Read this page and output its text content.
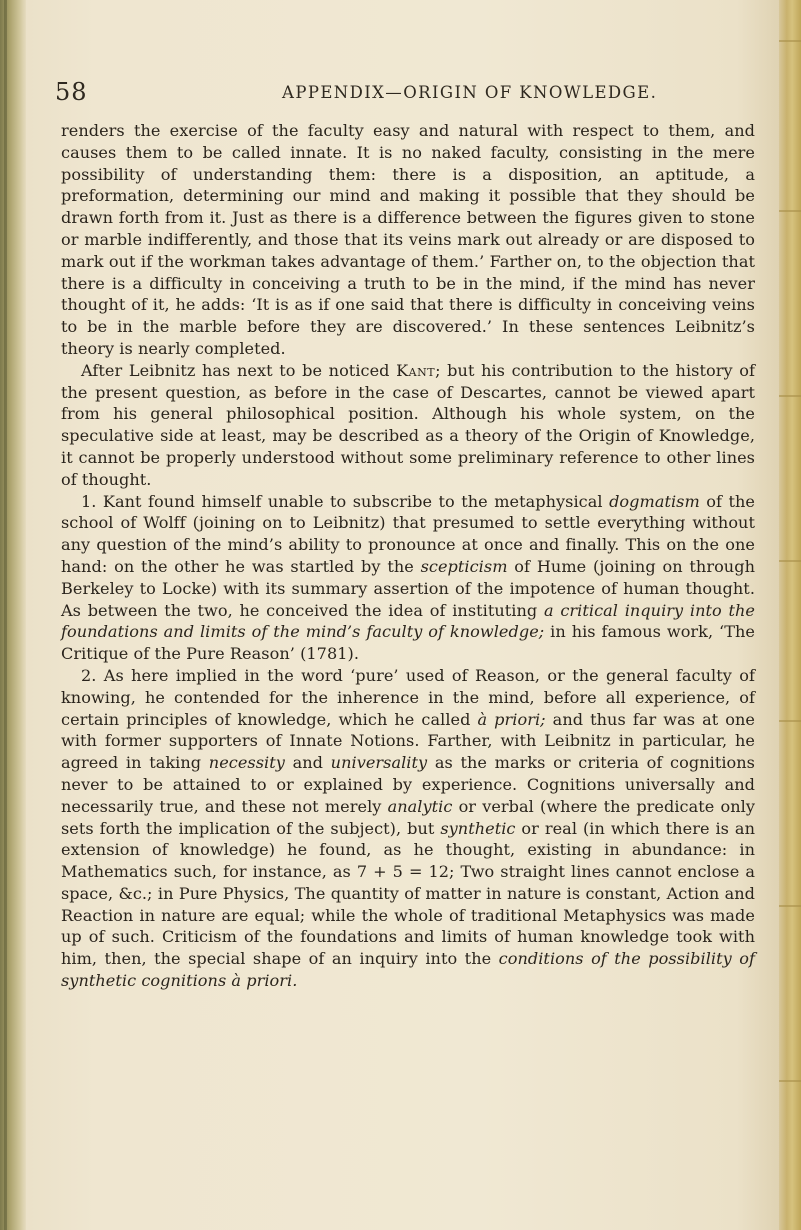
58	APPENDIX—ORIGIN OF KNOWLEDGE.

renders the exercise of the faculty easy and natural with respect to them, and causes them to be called innate. It is no naked faculty, consisting in the mere possibility of understanding them: there is a disposition, an aptitude, a preformation, determining our mind and making it possible that they should be drawn forth from it. Just as there is a difference between the figures given to stone or marble indifferently, and those that its veins mark out already or are disposed to mark out if the workman takes advantage of them.’ Farther on, to the objection that there is a difficulty in conceiving a truth to be in the mind, if the mind has never thought of it, he adds: ‘It is as if one said that there is difficulty in conceiving veins to be in the marble before they are discovered.’ In these sentences Leibnitz’s theory is nearly completed.

After Leibnitz has next to be noticed Kant; but his contribution to the history of the present question, as before in the case of Descartes, cannot be viewed apart from his general philosophical position. Although his whole system, on the speculative side at least, may be described as a theory of the Origin of Knowledge, it cannot be properly understood without some preliminary reference to other lines of thought.

1. Kant found himself unable to subscribe to the metaphysical dogmatism of the school of Wolff (joining on to Leibnitz) that presumed to settle everything without any question of the mind’s ability to pronounce at once and finally. This on the one hand: on the other he was startled by the scepticism of Hume (joining on through Berkeley to Locke) with its summary assertion of the impotence of human thought. As between the two, he conceived the idea of instituting a critical inquiry into the foundations and limits of the mind’s faculty of knowledge; in his famous work, ‘The Critique of the Pure Reason’ (1781).

2. As here implied in the word ‘pure’ used of Reason, or the general faculty of knowing, he contended for the inherence in the mind, before all experience, of certain principles of knowledge, which he called à priori; and thus far was at one with former supporters of Innate Notions. Farther, with Leibnitz in particular, he agreed in taking necessity and universality as the marks or criteria of cognitions never to be attained to or explained by experience. Cognitions universally and necessarily true, and these not merely analytic or verbal (where the predicate only sets forth the implication of the subject), but synthetic or real (in which there is an extension of knowledge) he found, as he thought, existing in abundance: in Mathematics such, for instance, as 7 + 5 = 12; Two straight lines cannot enclose a space, &c.; in Pure Physics, The quantity of matter in nature is constant, Action and Reaction in nature are equal; while the whole of traditional Metaphysics was made up of such. Criticism of the foundations and limits of human knowledge took with him, then, the special shape of an inquiry into the conditions of the possibility of synthetic cognitions à priori.
